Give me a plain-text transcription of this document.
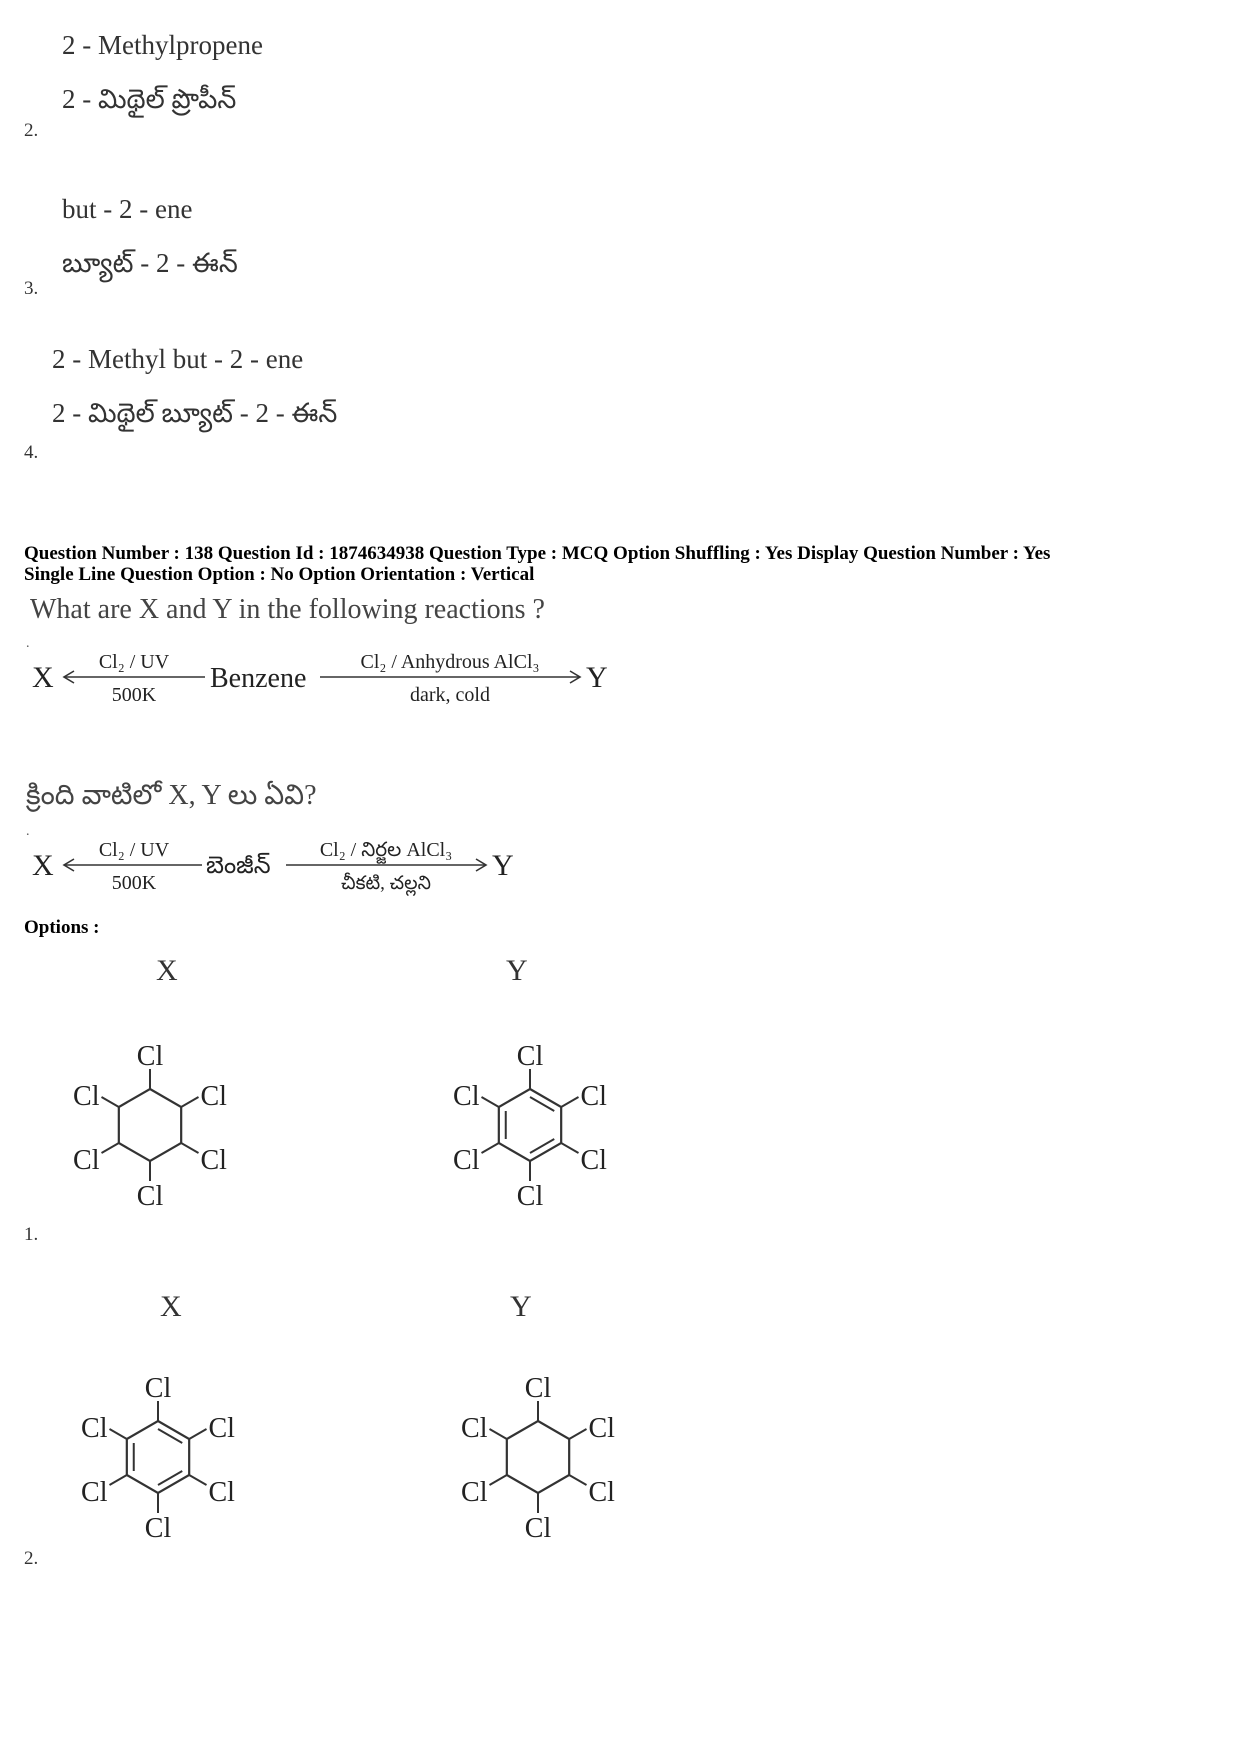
2 - Methylpropene
2 - మిథైల్ ప్రొపీన్
2.
but - 2 - ene
బ్యూట్ - 2 - ఈన్
3.
2 - Methyl but - 2 - ene
2 - మిథైల్ బ్యూట్ - 2 - ఈన్
4.
Question Number : 138 Question Id : 1874634938 Question Type : MCQ Option Shuffling : Yes Display Question Number : Yes
Single Line Question Option : No Option Orientation : Vertical
What are X and Y in the following reactions ?
.
X Cl₂ / UV
500K
Benzene
Cl₂ / Anhydrous AlCl₃
dark, cold
Y
క్రింది వాటిలో X, Y లు ఏవి?
.
X Cl₂ / UV
500K
బెంజీన్
Cl₂ / నిర్జల AlCl₃
చీకటి, చల్లని
Y
Options :
X	Y
Cl
Cl
Cl
Cl
Cl
Cl
Cl
Cl
Cl
Cl
Cl
Cl
1.
X	Y
Cl
Cl
Cl
Cl
Cl
Cl
Cl
Cl
Cl
Cl
Cl
Cl
2.
